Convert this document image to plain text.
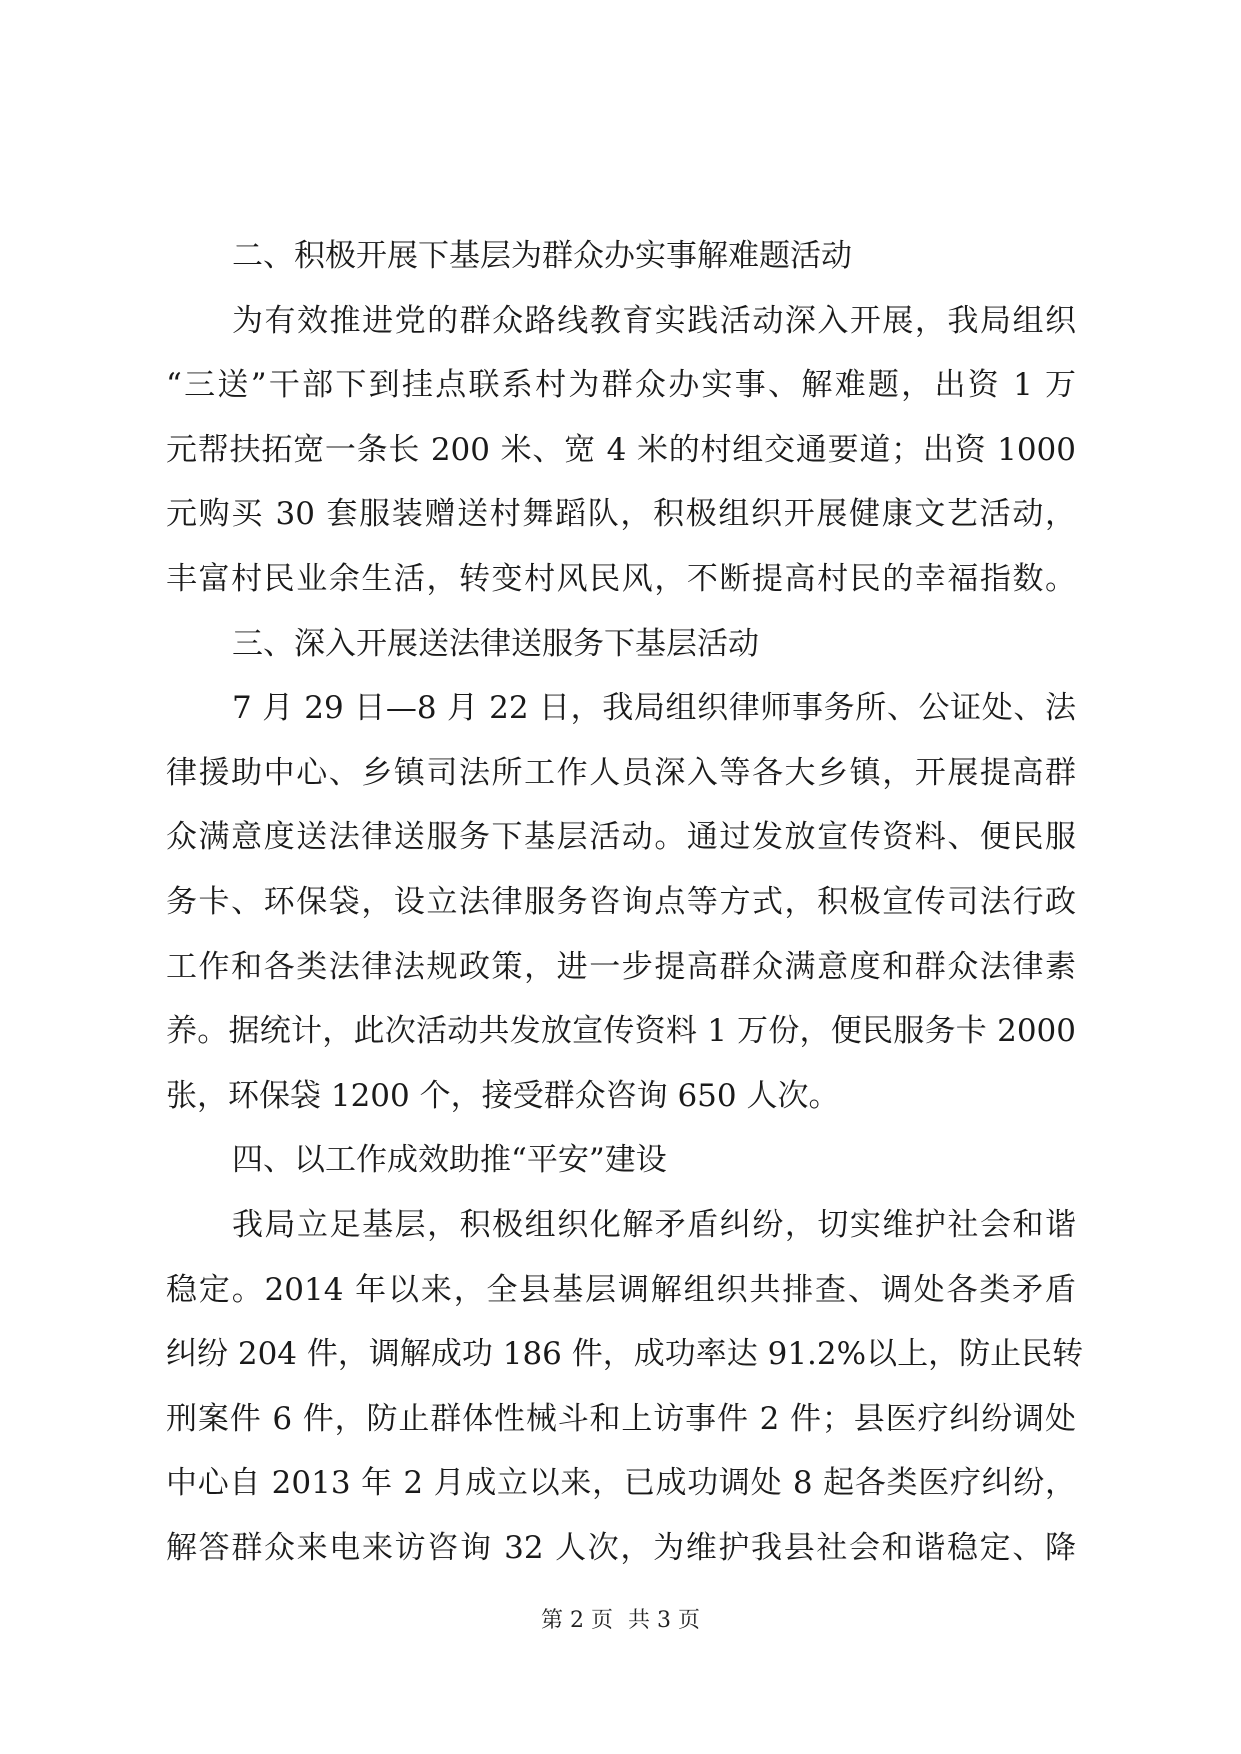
二、积极开展下基层为群众办实事解难题活动
为有效推进党的群众路线教育实践活动深入开展，我局组织
“三送”干部下到挂点联系村为群众办实事、解难题，出资 1 万
元帮扶拓宽一条长 200 米、宽 4 米的村组交通要道；出资 1000
元购买 30 套服装赠送村舞蹈队，积极组织开展健康文艺活动，
丰富村民业余生活，转变村风民风，不断提高村民的幸福指数。
三、深入开展送法律送服务下基层活动
7 月 29 日—8 月 22 日，我局组织律师事务所、公证处、法
律援助中心、乡镇司法所工作人员深入等各大乡镇，开展提高群
众满意度送法律送服务下基层活动。通过发放宣传资料、便民服
务卡、环保袋，设立法律服务咨询点等方式，积极宣传司法行政
工作和各类法律法规政策，进一步提高群众满意度和群众法律素
养。据统计，此次活动共发放宣传资料 1 万份，便民服务卡 2000
张，环保袋 1200 个，接受群众咨询 650 人次。
四、以工作成效助推“平安”建设
我局立足基层，积极组织化解矛盾纠纷，切实维护社会和谐
稳定。2014 年以来，全县基层调解组织共排查、调处各类矛盾
纠纷 204 件，调解成功 186 件，成功率达 91.2%以上，防止民转
刑案件 6 件，防止群体性械斗和上访事件 2 件；县医疗纠纷调处
中心自 2013 年 2 月成立以来，已成功调处 8 起各类医疗纠纷，
解答群众来电来访咨询 32 人次，为维护我县社会和谐稳定、降
第 2 页 共 3 页
